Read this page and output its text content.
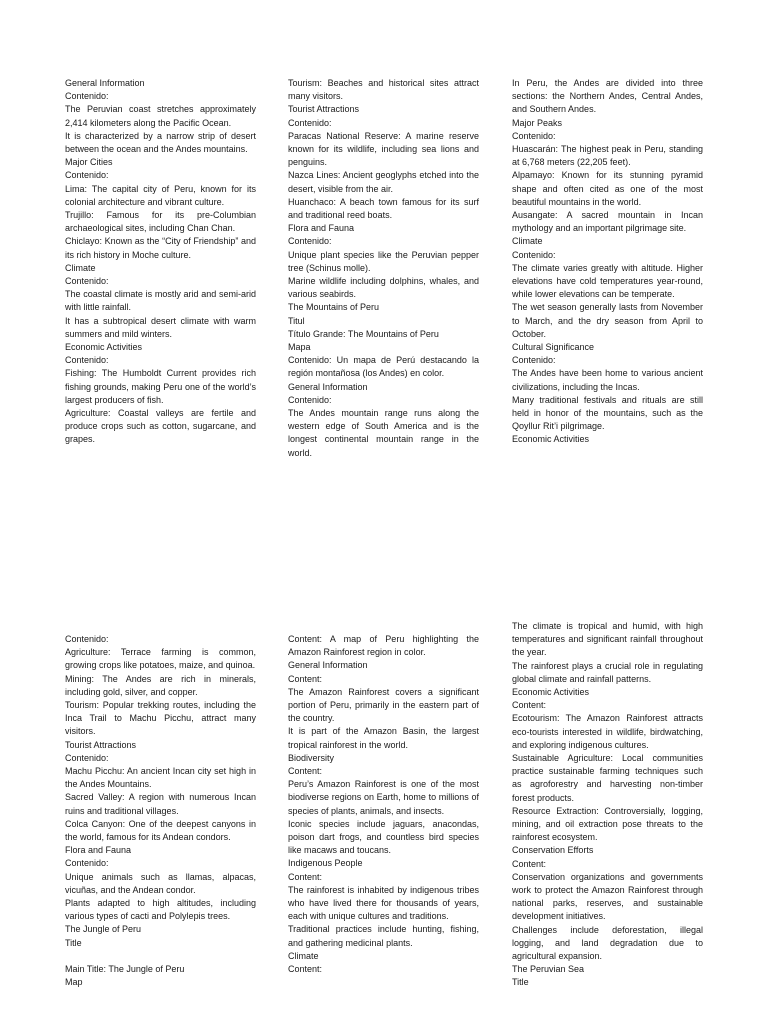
General Information

Contenido:

The Peruvian coast stretches approximately 2,414 kilometers along the Pacific Ocean.

It is characterized by a narrow strip of desert between the ocean and the Andes mountains.

Major Cities

Contenido:

Lima: The capital city of Peru, known for its colonial architecture and vibrant culture.

Trujillo: Famous for its pre-Columbian archaeological sites, including Chan Chan.

Chiclayo: Known as the “City of Friendship” and its rich history in Moche culture.

Climate

Contenido:

The coastal climate is mostly arid and semi-arid with little rainfall.

It has a subtropical desert climate with warm summers and mild winters.

Economic Activities

Contenido:

Fishing: The Humboldt Current provides rich fishing grounds, making Peru one of the world’s largest producers of fish.

Agriculture: Coastal valleys are fertile and produce crops such as cotton, sugarcane, and grapes.

Tourism: Beaches and historical sites attract many visitors.

Tourist Attractions

Contenido:

Paracas National Reserve: A marine reserve known for its wildlife, including sea lions and penguins.

Nazca Lines: Ancient geoglyphs etched into the desert, visible from the air.

Huanchaco: A beach town famous for its surf and traditional reed boats.

Flora and Fauna

Contenido:

Unique plant species like the Peruvian pepper tree (Schinus molle).

Marine wildlife including dolphins, whales, and various seabirds.

The Mountains of Peru

Titul

Título Grande: The Mountains of Peru

Mapa

Contenido: Un mapa de Perú destacando la región montañosa (los Andes) en color.

General Information

Contenido:

The Andes mountain range runs along the western edge of South America and is the longest continental mountain range in the world.

In Peru, the Andes are divided into three sections: the Northern Andes, Central Andes, and Southern Andes.

Major Peaks

Contenido:

Huascarán: The highest peak in Peru, standing at 6,768 meters (22,205 feet).

Alpamayo: Known for its stunning pyramid shape and often cited as one of the most beautiful mountains in the world.

Ausangate: A sacred mountain in Incan mythology and an important pilgrimage site.

Climate

Contenido:

The climate varies greatly with altitude. Higher elevations have cold temperatures year-round, while lower elevations can be temperate.

The wet season generally lasts from November to March, and the dry season from April to October.

Cultural Significance

Contenido:

The Andes have been home to various ancient civilizations, including the Incas.

Many traditional festivals and rituals are still held in honor of the mountains, such as the Qoyllur Rit’i pilgrimage.

Economic Activities

Contenido:

Agriculture: Terrace farming is common, growing crops like potatoes, maize, and quinoa.

Mining: The Andes are rich in minerals, including gold, silver, and copper.

Tourism: Popular trekking routes, including the Inca Trail to Machu Picchu, attract many visitors.

Tourist Attractions

Contenido:

Machu Picchu: An ancient Incan city set high in the Andes Mountains.

Sacred Valley: A region with numerous Incan ruins and traditional villages.

Colca Canyon: One of the deepest canyons in the world, famous for its Andean condors.

Flora and Fauna

Contenido:

Unique animals such as llamas, alpacas, vicuñas, and the Andean condor.

Plants adapted to high altitudes, including various types of cacti and Polylepis trees.

The Jungle of Peru

Title

Main Title: The Jungle of Peru

Map

Content: A map of Peru highlighting the Amazon Rainforest region in color.

General Information

Content:

The Amazon Rainforest covers a significant portion of Peru, primarily in the eastern part of the country.

It is part of the Amazon Basin, the largest tropical rainforest in the world.

Biodiversity

Content:

Peru’s Amazon Rainforest is one of the most biodiverse regions on Earth, home to millions of species of plants, animals, and insects.

Iconic species include jaguars, anacondas, poison dart frogs, and countless bird species like macaws and toucans.

Indigenous People

Content:

The rainforest is inhabited by indigenous tribes who have lived there for thousands of years, each with unique cultures and traditions.

Traditional practices include hunting, fishing, and gathering medicinal plants.

Climate

Content:

The climate is tropical and humid, with high temperatures and significant rainfall throughout the year.

The rainforest plays a crucial role in regulating global climate and rainfall patterns.

Economic Activities

Content:

Ecotourism: The Amazon Rainforest attracts eco-tourists interested in wildlife, birdwatching, and exploring indigenous cultures.

Sustainable Agriculture: Local communities practice sustainable farming techniques such as agroforestry and harvesting non-timber forest products.

Resource Extraction: Controversially, logging, mining, and oil extraction pose threats to the rainforest ecosystem.

Conservation Efforts

Content:

Conservation organizations and governments work to protect the Amazon Rainforest through national parks, reserves, and sustainable development initiatives.

Challenges include deforestation, illegal logging, and land degradation due to agricultural expansion.

The Peruvian Sea

Title
